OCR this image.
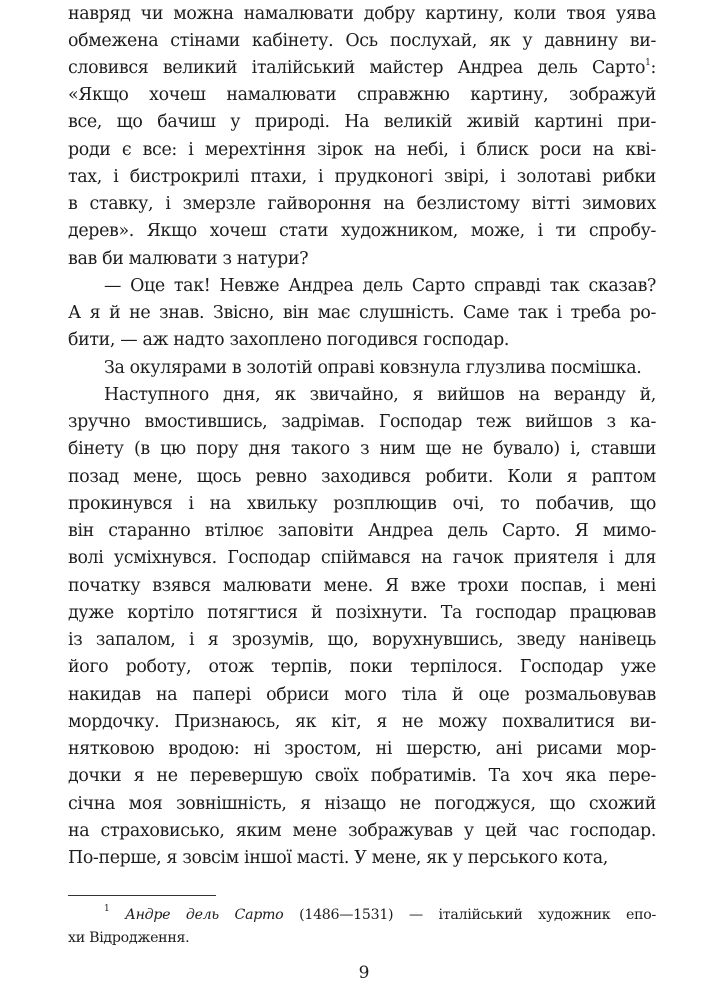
навряд чи можна намалювати добру картину, коли твоя уява
обмежена стінами кабінету. Ось послухай, як у давнину ви-
словився великий італійський майстер Андреа дель Сарто$^1$:
«Якщо хочеш намалювати справжню картину, зображуй
все, що бачиш у природі. На великій живій картині при-
роди є все: і мерехтіння зірок на небі, і блиск роси на кві-
тах, і бистрокрилі птахи, і прудконогі звірі, і золотаві рибки
в ставку, і змерзле гайвороння на безлистому вітті зимових
дерев». Якщо хочеш стати художником, може, і ти спробу-
вав би малювати з натури?
— Оце так! Невже Андреа дель Сарто справді так сказав?
А я й не знав. Звісно, він має слушність. Саме так і треба ро-
бити, — аж надто захоплено погодився господар.
За окулярами в золотій оправі ковзнула глузлива посмішка.
Наступного дня, як звичайно, я вийшов на веранду й,
зручно вмостившись, задрімав. Господар теж вийшов з ка-
бінету (в цю пору дня такого з ним ще не бувало) і, ставши
позад мене, щось ревно заходився робити. Коли я раптом
прокинувся і на хвильку розплющив очі, то побачив, що
він старанно втілює заповіти Андреа дель Сарто. Я мимо-
волі усміхнувся. Господар спіймався на гачок приятеля і для
початку взявся малювати мене. Я вже трохи поспав, і мені
дуже кортіло потягтися й позіхнути. Та господар працював
із запалом, і я зрозумів, що, ворухнувшись, зведу нанівець
його роботу, отож терпів, поки терпілося. Господар уже
накидав на папері обриси мого тіла й оце розмальовував
мордочку. Признаюсь, як кіт, я не можу похвалитися ви-
нятковою вродою: ні зростом, ні шерстю, ані рисами мор-
дочки я не перевершую своїх побратимів. Та хоч яка пере-
січна моя зовнішність, я нізащо не погоджуся, що схожий
на страховисько, яким мене зображував у цей час господар.
По-перше, я зовсім іншої масті. У мене, як у перського кота,
$^1$ Андре дель Сарто (1486—1531) — італійський художник епо-
хи Відродження.
9
